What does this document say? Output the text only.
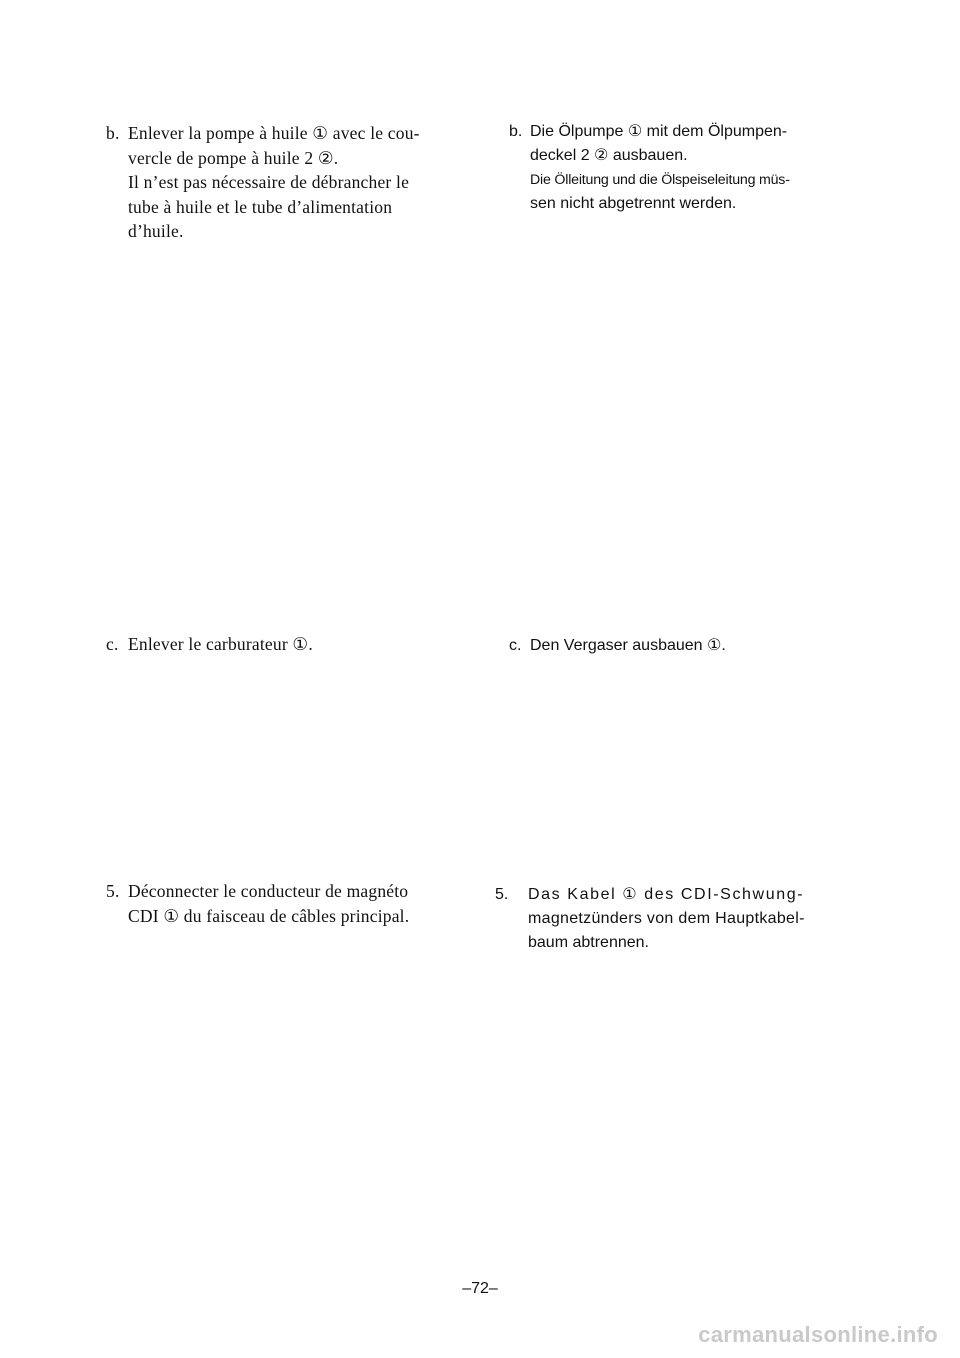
b. Enlever la pompe à huile ① avec le cou-
vercle de pompe à huile 2 ②.
Il n’est pas nécessaire de débrancher le
tube à huile et le tube d’alimentation
d’huile.
c. Enlever le carburateur ①.
5. Déconnecter le conducteur de magnéto
CDI ① du faisceau de câbles principal.
b. Die Ölpumpe ① mit dem Ölpumpen-
deckel 2 ② ausbauen.
Die Ölleitung und die Ölspeiseleitung müs-
sen nicht abgetrennt werden.
c. Den Vergaser ausbauen ①.
5. Das Kabel ① des CDI-Schwung-
magnetzünders von dem Hauptkabel-
baum abtrennen.
–72–
carmanualsonline.info
